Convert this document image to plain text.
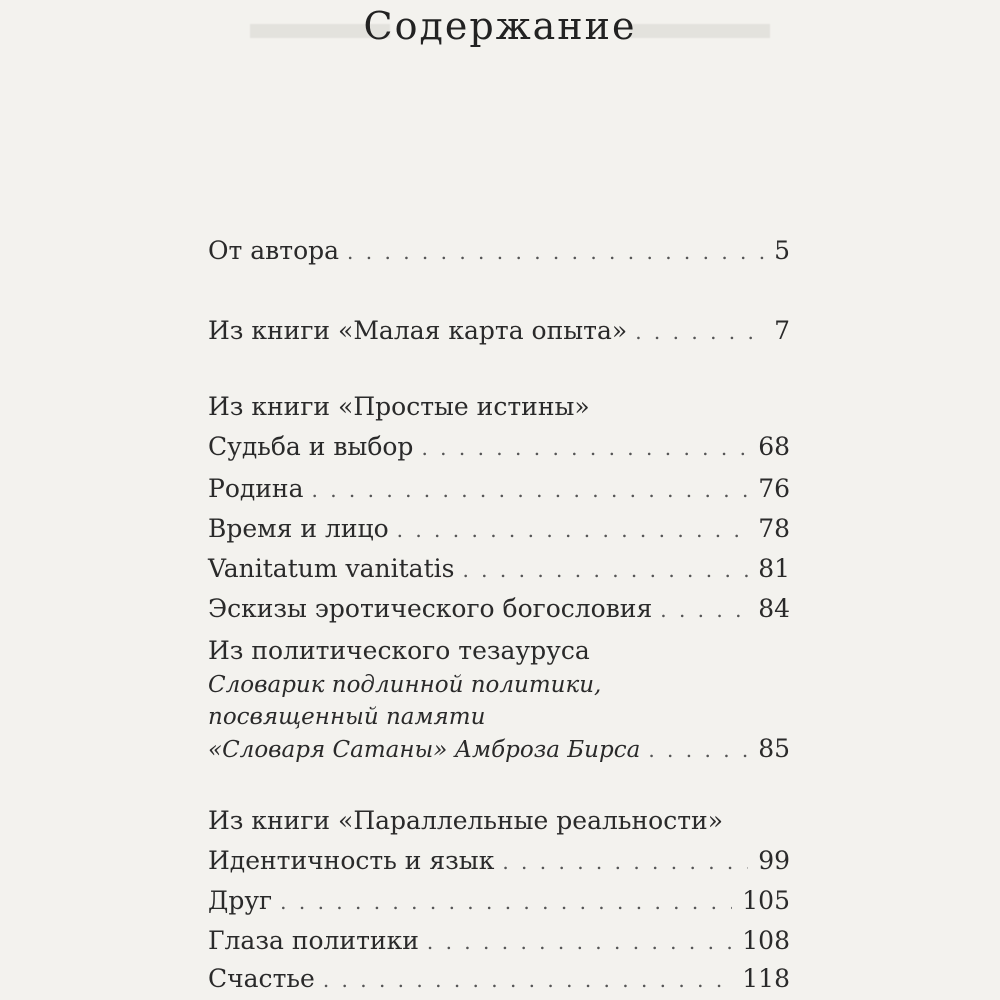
Содержание
От автора . . .	5
Из книги «Малая карта опыта» . . .	7
Из книги «Простые истины»
Судьба и выбор . . .	68
Родина . . .	76
Время и лицо . . .	78
Vanitatum vanitatis . . .	81
Эскизы эротического богословия . . .	84
Из политического тезауруса
Словарик подлинной политики,
посвященный памяти
«Словаря Сатаны» Амброза Бирса . . .	85
Из книги «Параллельные реальности»
Идентичность и язык . . .	99
Друг . . .	105
Глаза политики . . .	108
Счастье . . .	118
